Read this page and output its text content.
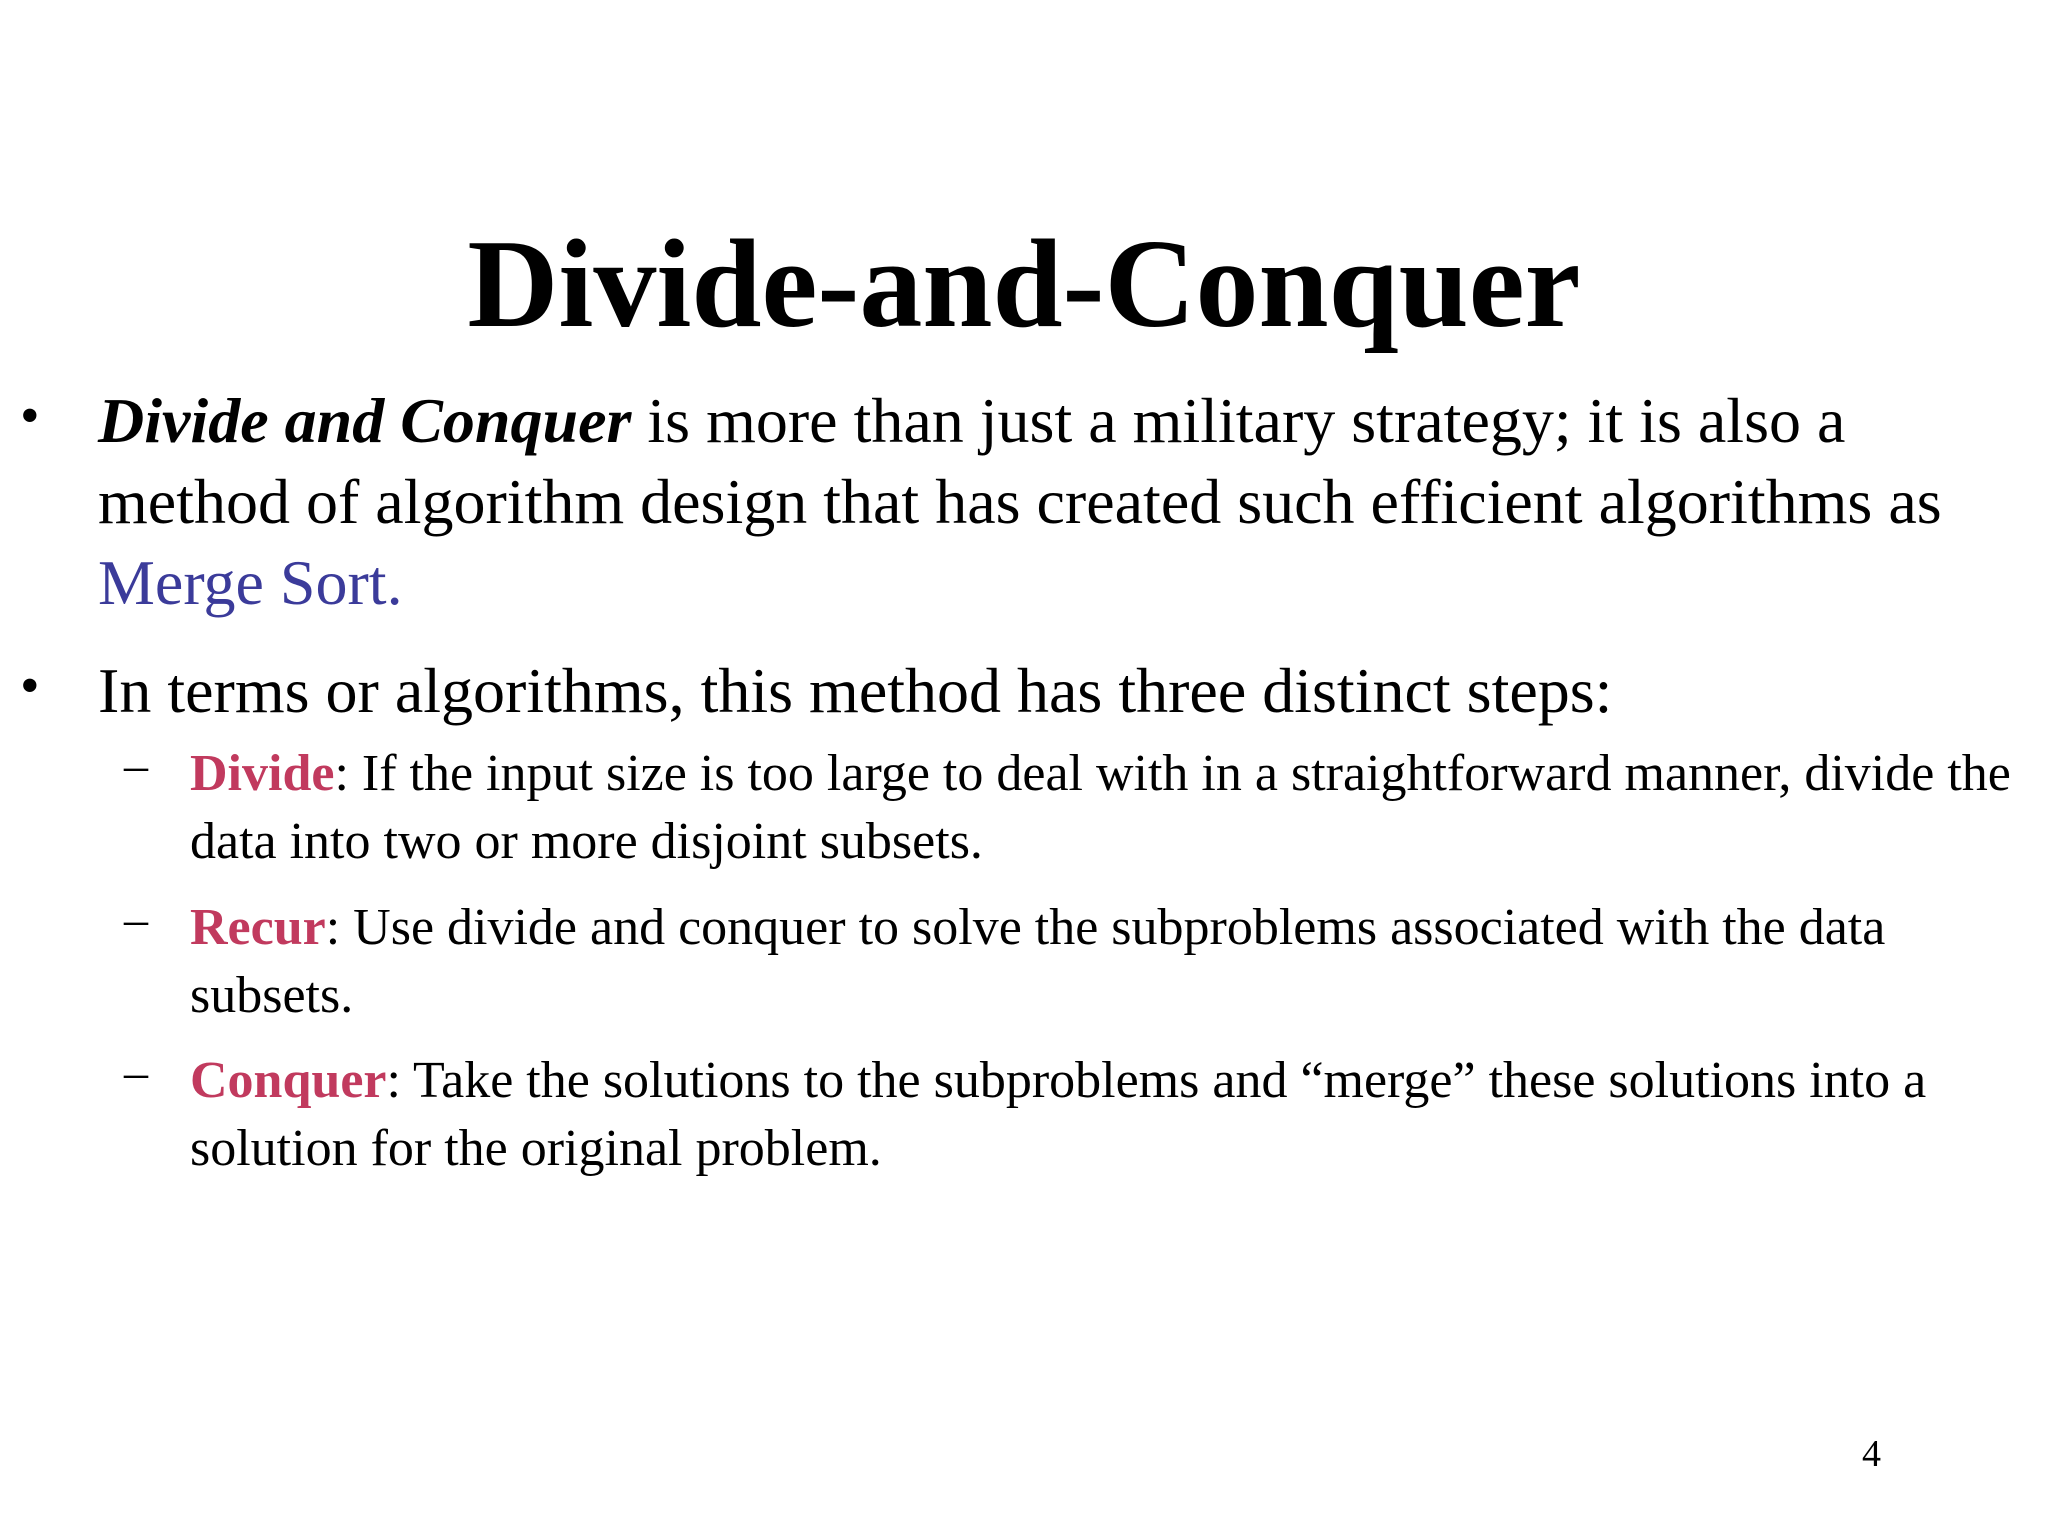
Divide-and-Conquer
• Divide and Conquer is more than just a military strategy; it is also a method of algorithm design that has created such efficient algorithms as Merge Sort.
• In terms or algorithms, this method has three distinct steps:
– Divide: If the input size is too large to deal with in a straightforward manner, divide the data into two or more disjoint subsets.
– Recur: Use divide and conquer to solve the subproblems associated with the data subsets.
– Conquer: Take the solutions to the subproblems and “merge” these solutions into a solution for the original problem.
4
